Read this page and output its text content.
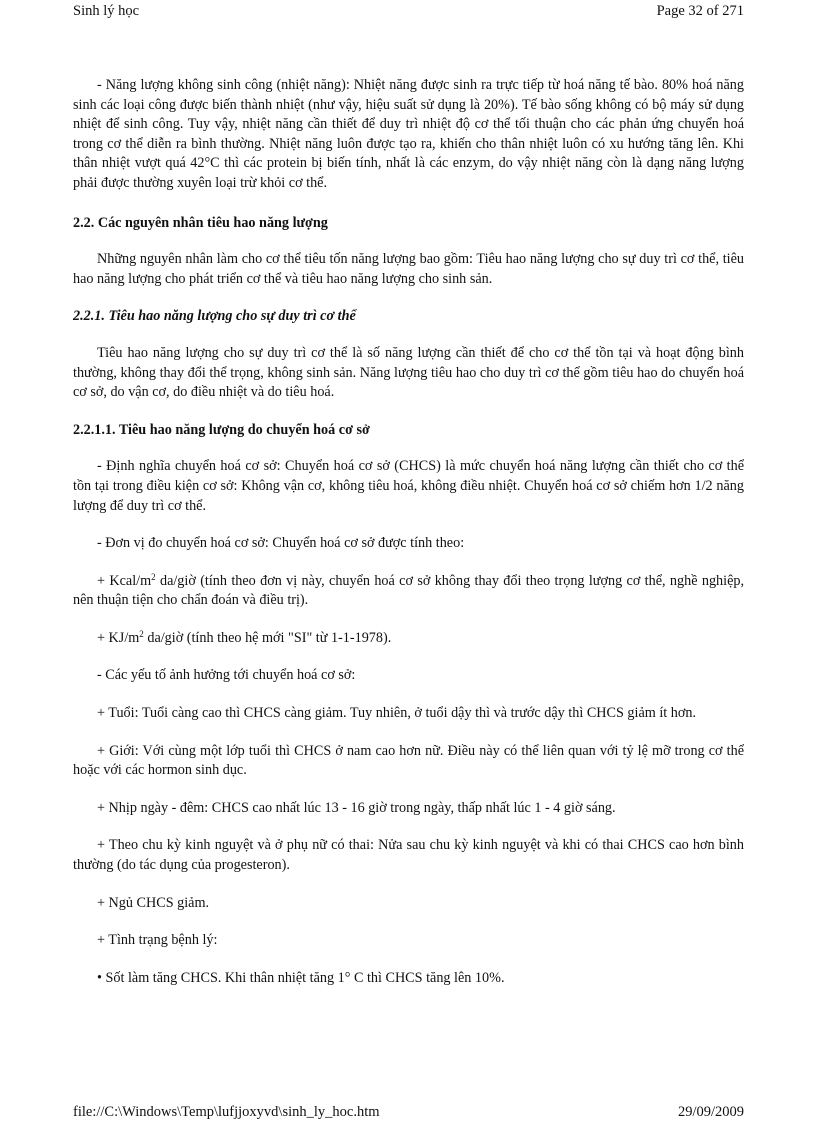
Sinh lý học	Page 32 of 271

- Năng lượng không sinh công (nhiệt năng): Nhiệt năng được sinh ra trực tiếp từ hoá năng tế bào. 80% hoá năng sinh các loại công được biến thành nhiệt (như vậy, hiệu suất sử dụng là 20%). Tế bào sống không có bộ máy sử dụng nhiệt để sinh công. Tuy vậy, nhiệt năng cần thiết để duy trì nhiệt độ cơ thể tối thuận cho các phản ứng chuyển hoá trong cơ thể diễn ra bình thường. Nhiệt năng luôn được tạo ra, khiến cho thân nhiệt luôn có xu hướng tăng lên. Khi thân nhiệt vượt quá 42°C thì các protein bị biến tính, nhất là các enzym, do vậy nhiệt năng còn là dạng năng lượng phải được thường xuyên loại trừ khỏi cơ thể.

2.2. Các nguyên nhân tiêu hao năng lượng

Những nguyên nhân làm cho cơ thể tiêu tốn năng lượng bao gồm: Tiêu hao năng lượng cho sự duy trì cơ thể, tiêu hao năng lượng cho phát triển cơ thể và tiêu hao năng lượng cho sinh sản.

2.2.1. Tiêu hao năng lượng cho sự duy trì cơ thể

Tiêu hao năng lượng cho sự duy trì cơ thể là số năng lượng cần thiết để cho cơ thể tồn tại và hoạt động bình thường, không thay đổi thể trọng, không sinh sản. Năng lượng tiêu hao cho duy trì cơ thể gồm tiêu hao do chuyển hoá cơ sở, do vận cơ, do điều nhiệt và do tiêu hoá.

2.2.1.1. Tiêu hao năng lượng do chuyển hoá cơ sở

- Định nghĩa chuyển hoá cơ sở: Chuyển hoá cơ sở (CHCS) là mức chuyển hoá năng lượng cần thiết cho cơ thể tồn tại trong điều kiện cơ sở: Không vận cơ, không tiêu hoá, không điều nhiệt. Chuyển hoá cơ sở chiếm hơn 1/2 năng lượng để duy trì cơ thể.

- Đơn vị đo chuyển hoá cơ sở: Chuyển hoá cơ sở được tính theo:

+ Kcal/$m^2$ da/giờ (tính theo đơn vị này, chuyển hoá cơ sở không thay đổi theo trọng lượng cơ thể, nghề nghiệp, nên thuận tiện cho chẩn đoán và điều trị).

+ $KJ/m^2$ da/giờ (tính theo hệ mới "SI" từ 1-1-1978).

- Các yếu tố ảnh hưởng tới chuyển hoá cơ sở:

+ Tuổi: Tuổi càng cao thì CHCS càng giảm. Tuy nhiên, ở tuổi dậy thì và trước dậy thì CHCS giảm ít hơn.

+ Giới: Với cùng một lớp tuổi thì CHCS ở nam cao hơn nữ. Điều này có thể liên quan với tỷ lệ mỡ trong cơ thể hoặc với các hormon sinh dục.

+ Nhịp ngày - đêm: CHCS cao nhất lúc 13 - 16 giờ trong ngày, thấp nhất lúc 1 - 4 giờ sáng.

+ Theo chu kỳ kinh nguyệt và ở phụ nữ có thai: Nửa sau chu kỳ kinh nguyệt và khi có thai CHCS cao hơn bình thường (do tác dụng của progesteron).

+ Ngủ CHCS giảm.

+ Tình trạng bệnh lý:

• Sốt làm tăng CHCS. Khi thân nhiệt tăng 1° C thì CHCS tăng lên 10%.

file://C:\Windows\Temp\lufjjoxyvd\sinh_ly_hoc.htm	29/09/2009
